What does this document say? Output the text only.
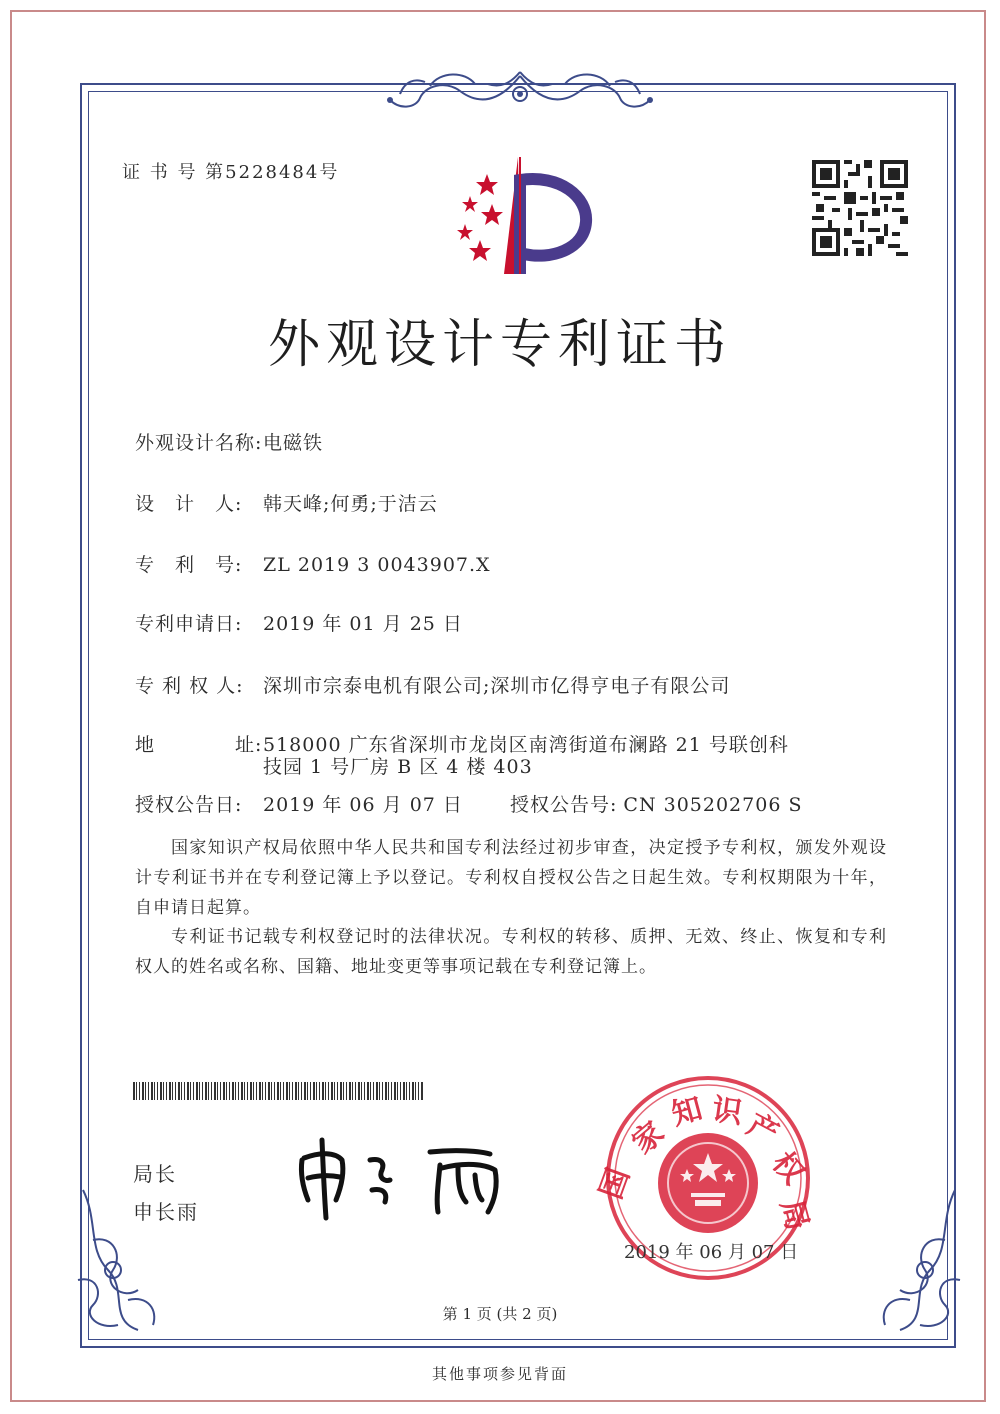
证 书 号 第5228484号
外观设计专利证书
外观设计名称:电磁铁
设　计　人: 韩天峰;何勇;于洁云
专　利　号: ZL 2019 3 0043907.X
专利申请日: 2019 年 01 月 25 日
专 利 权 人: 深圳市宗泰电机有限公司;深圳市亿得亨电子有限公司
地　　　　址:518000 广东省深圳市龙岗区南湾街道布澜路 21 号联创科
技园 1 号厂房 B 区 4 楼 403
授权公告日: 2019 年 06 月 07 日 授权公告号: CN 305202706 S
国家知识产权局依照中华人民共和国专利法经过初步审查，决定授予专利权，颁发外观设计专利证书并在专利登记簿上予以登记。专利权自授权公告之日起生效。专利权期限为十年，自申请日起算。
专利证书记载专利权登记时的法律状况。专利权的转移、质押、无效、终止、恢复和专利权人的姓名或名称、国籍、地址变更等事项记载在专利登记簿上。
局长
申长雨
家
知 识
产
权
局
国
2019 年 06 月 07 日
第 1 页 (共 2 页)
其他事项参见背面
